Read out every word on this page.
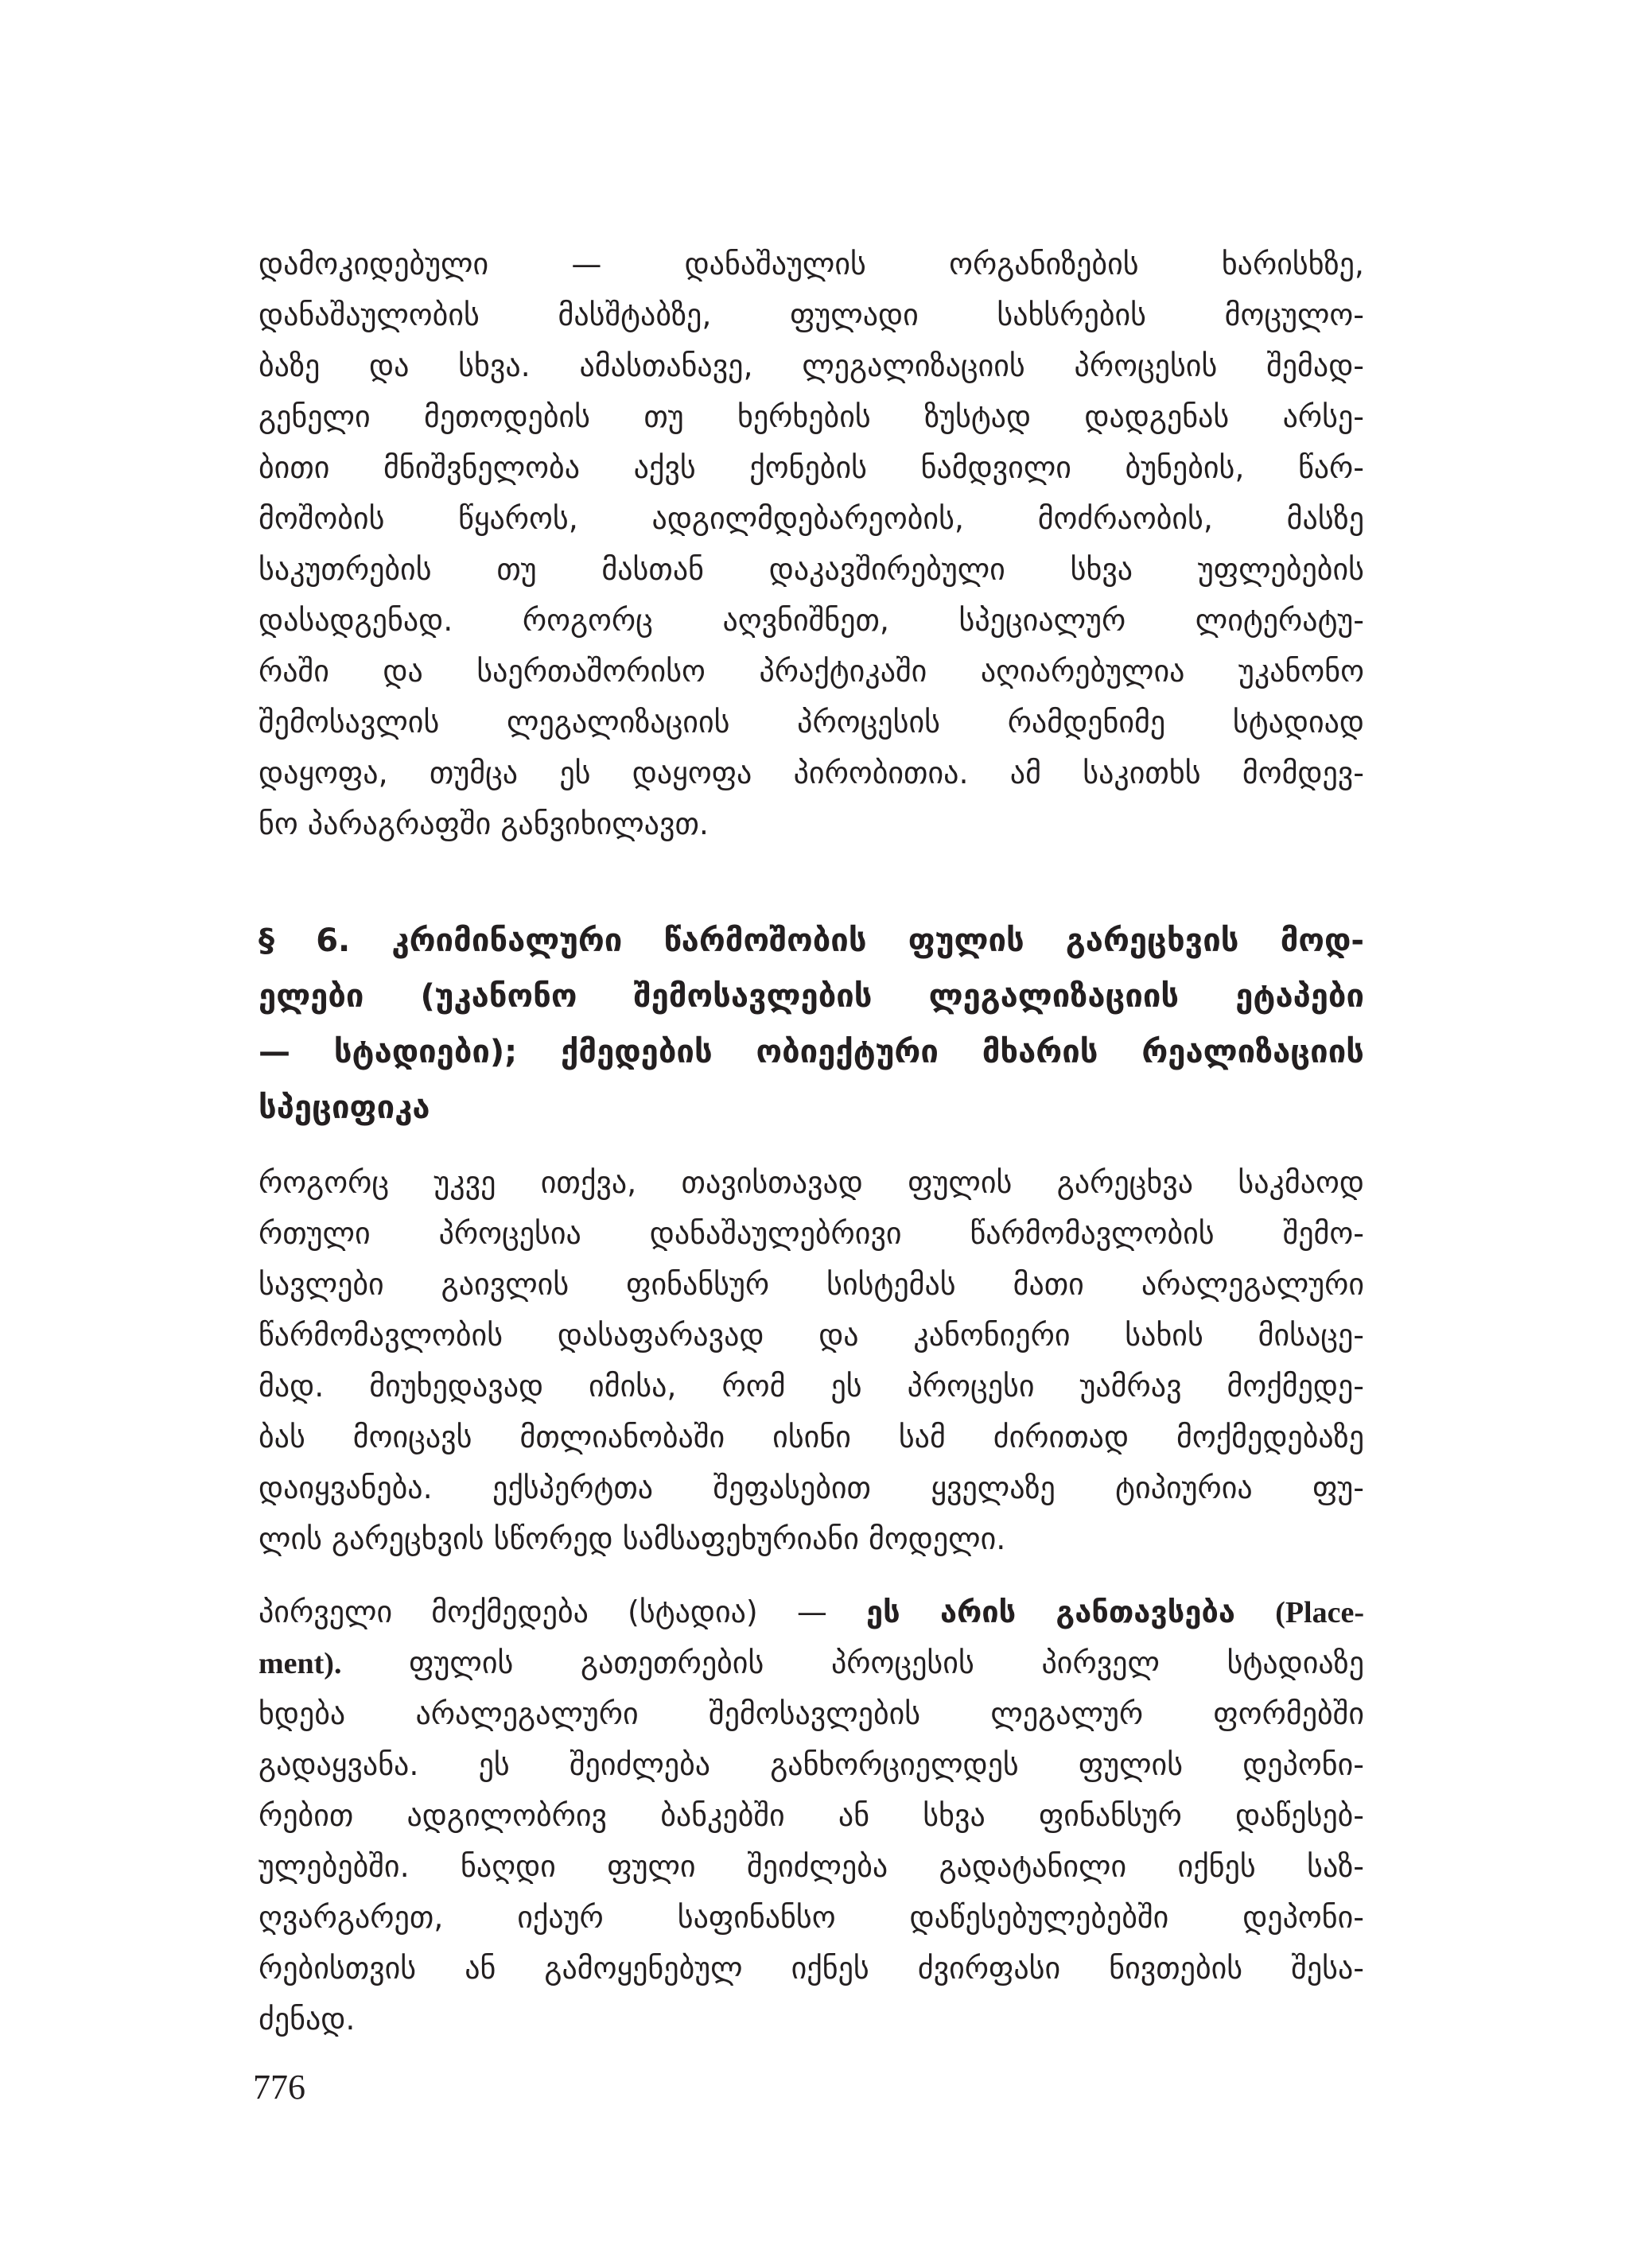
დამოკიდებული — დანაშაულის ორგანიზების ხარისხზე,
დანაშაულობის მასშტაბზე, ფულადი სახსრების მოცულო-
ბაზე და სხვა. ამასთანავე, ლეგალიზაციის პროცესის შემად-
გენელი მეთოდების თუ ხერხების ზუსტად დადგენას არსე-
ბითი მნიშვნელობა აქვს ქონების ნამდვილი ბუნების, წარ-
მოშობის წყაროს, ადგილმდებარეობის, მოძრაობის, მასზე
საკუთრების თუ მასთან დაკავშირებული სხვა უფლებების
დასადგენად. როგორც აღვნიშნეთ, სპეციალურ ლიტერატუ-
რაში და საერთაშორისო პრაქტიკაში აღიარებულია უკანონო
შემოსავლის ლეგალიზაციის პროცესის რამდენიმე სტადიად
დაყოფა, თუმცა ეს დაყოფა პირობითია. ამ საკითხს მომდევ-
ნო პარაგრაფში განვიხილავთ.
§ 6. კრიმინალური წარმოშობის ფულის გარეცხვის მოდ-
ელები (უკანონო შემოსავლების ლეგალიზაციის ეტაპები
— სტადიები); ქმედების ობიექტური მხარის რეალიზაციის
სპეციფიკა
როგორც უკვე ითქვა, თავისთავად ფულის გარეცხვა საკმაოდ
რთული პროცესია დანაშაულებრივი წარმომავლობის შემო-
სავლები გაივლის ფინანსურ სისტემას მათი არალეგალური
წარმომავლობის დასაფარავად და კანონიერი სახის მისაცე-
მად. მიუხედავად იმისა, რომ ეს პროცესი უამრავ მოქმედე-
ბას მოიცავს მთლიანობაში ისინი სამ ძირითად მოქმედებაზე
დაიყვანება. ექსპერტთა შეფასებით ყველაზე ტიპიურია ფუ-
ლის გარეცხვის სწორედ სამსაფეხურიანი მოდელი.
პირველი მოქმედება (სტადია) — ეს არის განთავსება (Place-
ment). ფულის გათეთრების პროცესის პირველ სტადიაზე
ხდება არალეგალური შემოსავლების ლეგალურ ფორმებში
გადაყვანა. ეს შეიძლება განხორციელდეს ფულის დეპონი-
რებით ადგილობრივ ბანკებში ან სხვა ფინანსურ დაწესებ-
ულებებში. ნაღდი ფული შეიძლება გადატანილი იქნეს საზ-
ღვარგარეთ, იქაურ საფინანსო დაწესებულებებში დეპონი-
რებისთვის ან გამოყენებულ იქნეს ძვირფასი ნივთების შესა-
ძენად.
776
